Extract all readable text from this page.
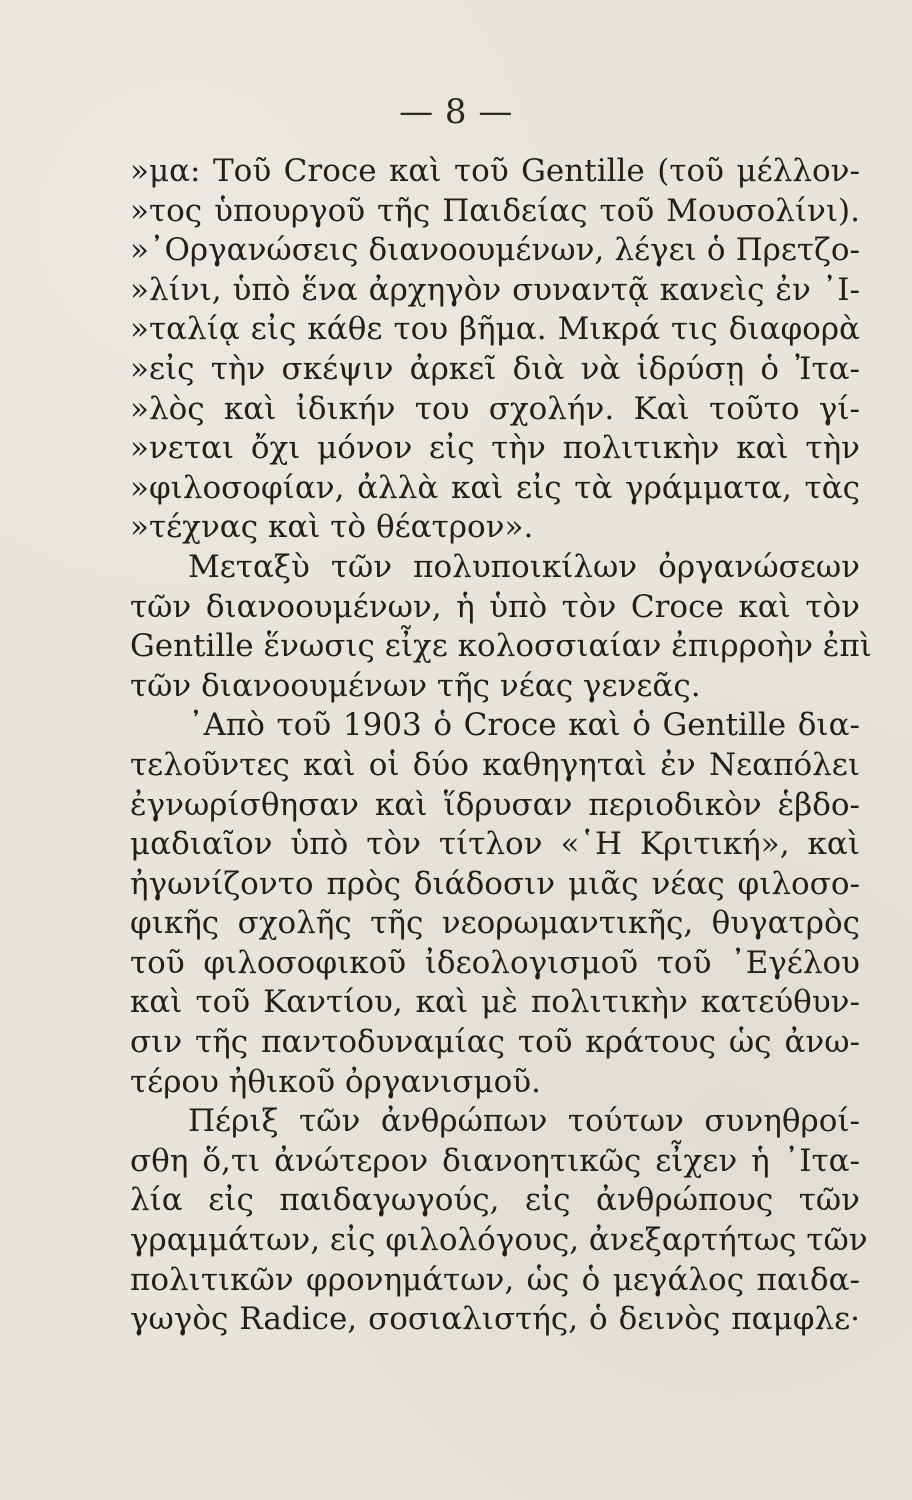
— 8 —
»μα: Τοῦ Croce καὶ τοῦ Gentille (τοῦ μέλλον-
»τος ὑπουργοῦ τῆς Παιδείας τοῦ Μουσολίνι).
»᾿Οργανώσεις διανοουμένων, λέγει ὁ Πρετζο-
»λίνι, ὑπὸ ἕνα ἀρχηγὸν συναντᾷ κανεὶς ἐν ᾿Ι-
»ταλίᾳ εἰς κάθε του βῆμα. Μικρά τις διαφορὰ
»εἰς τὴν σκέψιν ἀρκεῖ διὰ νὰ ἱδρύσῃ ὁ Ἰτα-
»λὸς καὶ ἰδικήν του σχολήν. Καὶ τοῦτο γί-
»νεται ὄχι μόνον εἰς τὴν πολιτικὴν καὶ τὴν
»φιλοσοφίαν, ἀλλὰ καὶ εἰς τὰ γράμματα, τὰς
»τέχνας καὶ τὸ θέατρον».
Μεταξὺ τῶν πολυποικίλων ὀργανώσεων
τῶν διανοουμένων, ἡ ὑπὸ τὸν Croce καὶ τὸν
Gentille ἕνωσις εἶχε κολοσσιαίαν ἐπιρροὴν ἐπὶ
τῶν διανοουμένων τῆς νέας γενεᾶς.
᾿Απὸ τοῦ 1903 ὁ Croce καὶ ὁ Gentille δια-
τελοῦντες καὶ οἱ δύο καθηγηταὶ ἐν Νεαπόλει
ἐγνωρίσθησαν καὶ ἵδρυσαν περιοδικὸν ἑβδο-
μαδιαῖον ὑπὸ τὸν τίτλον «῾Η Κριτική», καὶ
ἠγωνίζοντο πρὸς διάδοσιν μιᾶς νέας φιλοσο-
φικῆς σχολῆς τῆς νεορωμαντικῆς, θυγατρὸς
τοῦ φιλοσοφικοῦ ἰδεολογισμοῦ τοῦ ᾿Εγέλου
καὶ τοῦ Καντίου, καὶ μὲ πολιτικὴν κατεύθυν-
σιν τῆς παντοδυναμίας τοῦ κράτους ὡς ἀνω-
τέρου ἠθικοῦ ὀργανισμοῦ.
Πέριξ τῶν ἀνθρώπων τούτων συνηθροί-
σθη ὅ,τι ἀνώτερον διανοητικῶς εἶχεν ἡ ᾿Ιτα-
λία εἰς παιδαγωγούς, εἰς ἀνθρώπους τῶν
γραμμάτων, εἰς φιλολόγους, ἀνεξαρτήτως τῶν
πολιτικῶν φρονημάτων, ὡς ὁ μεγάλος παιδα-
γωγὸς Radice, σοσιαλιστής, ὁ δεινὸς παμφλε·
